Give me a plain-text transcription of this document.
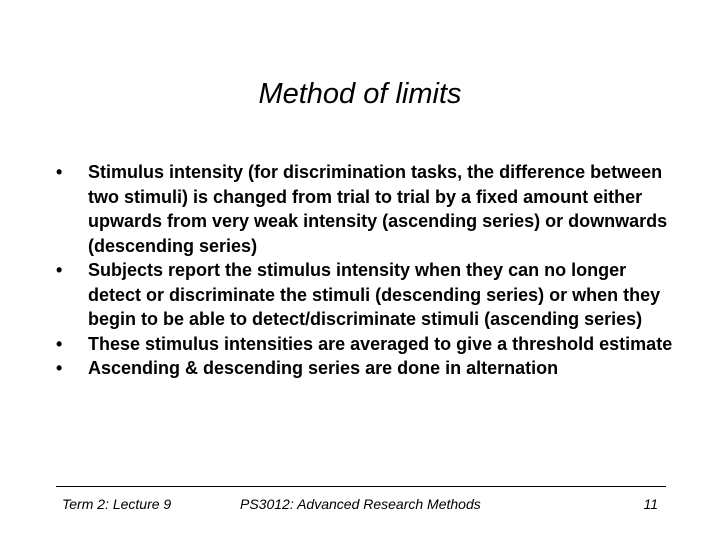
Method of limits
• Stimulus intensity (for discrimination tasks, the difference between two stimuli) is changed from trial to trial by a fixed amount either upwards from very weak intensity (ascending series) or downwards (descending series)
• Subjects report the stimulus intensity when they can no longer detect or discriminate the stimuli (descending series) or when they begin to be able to detect/discriminate stimuli (ascending series)
• These stimulus intensities are averaged to give a threshold estimate
• Ascending & descending series are done in alternation
Term 2: Lecture 9	PS3012: Advanced Research Methods	11
